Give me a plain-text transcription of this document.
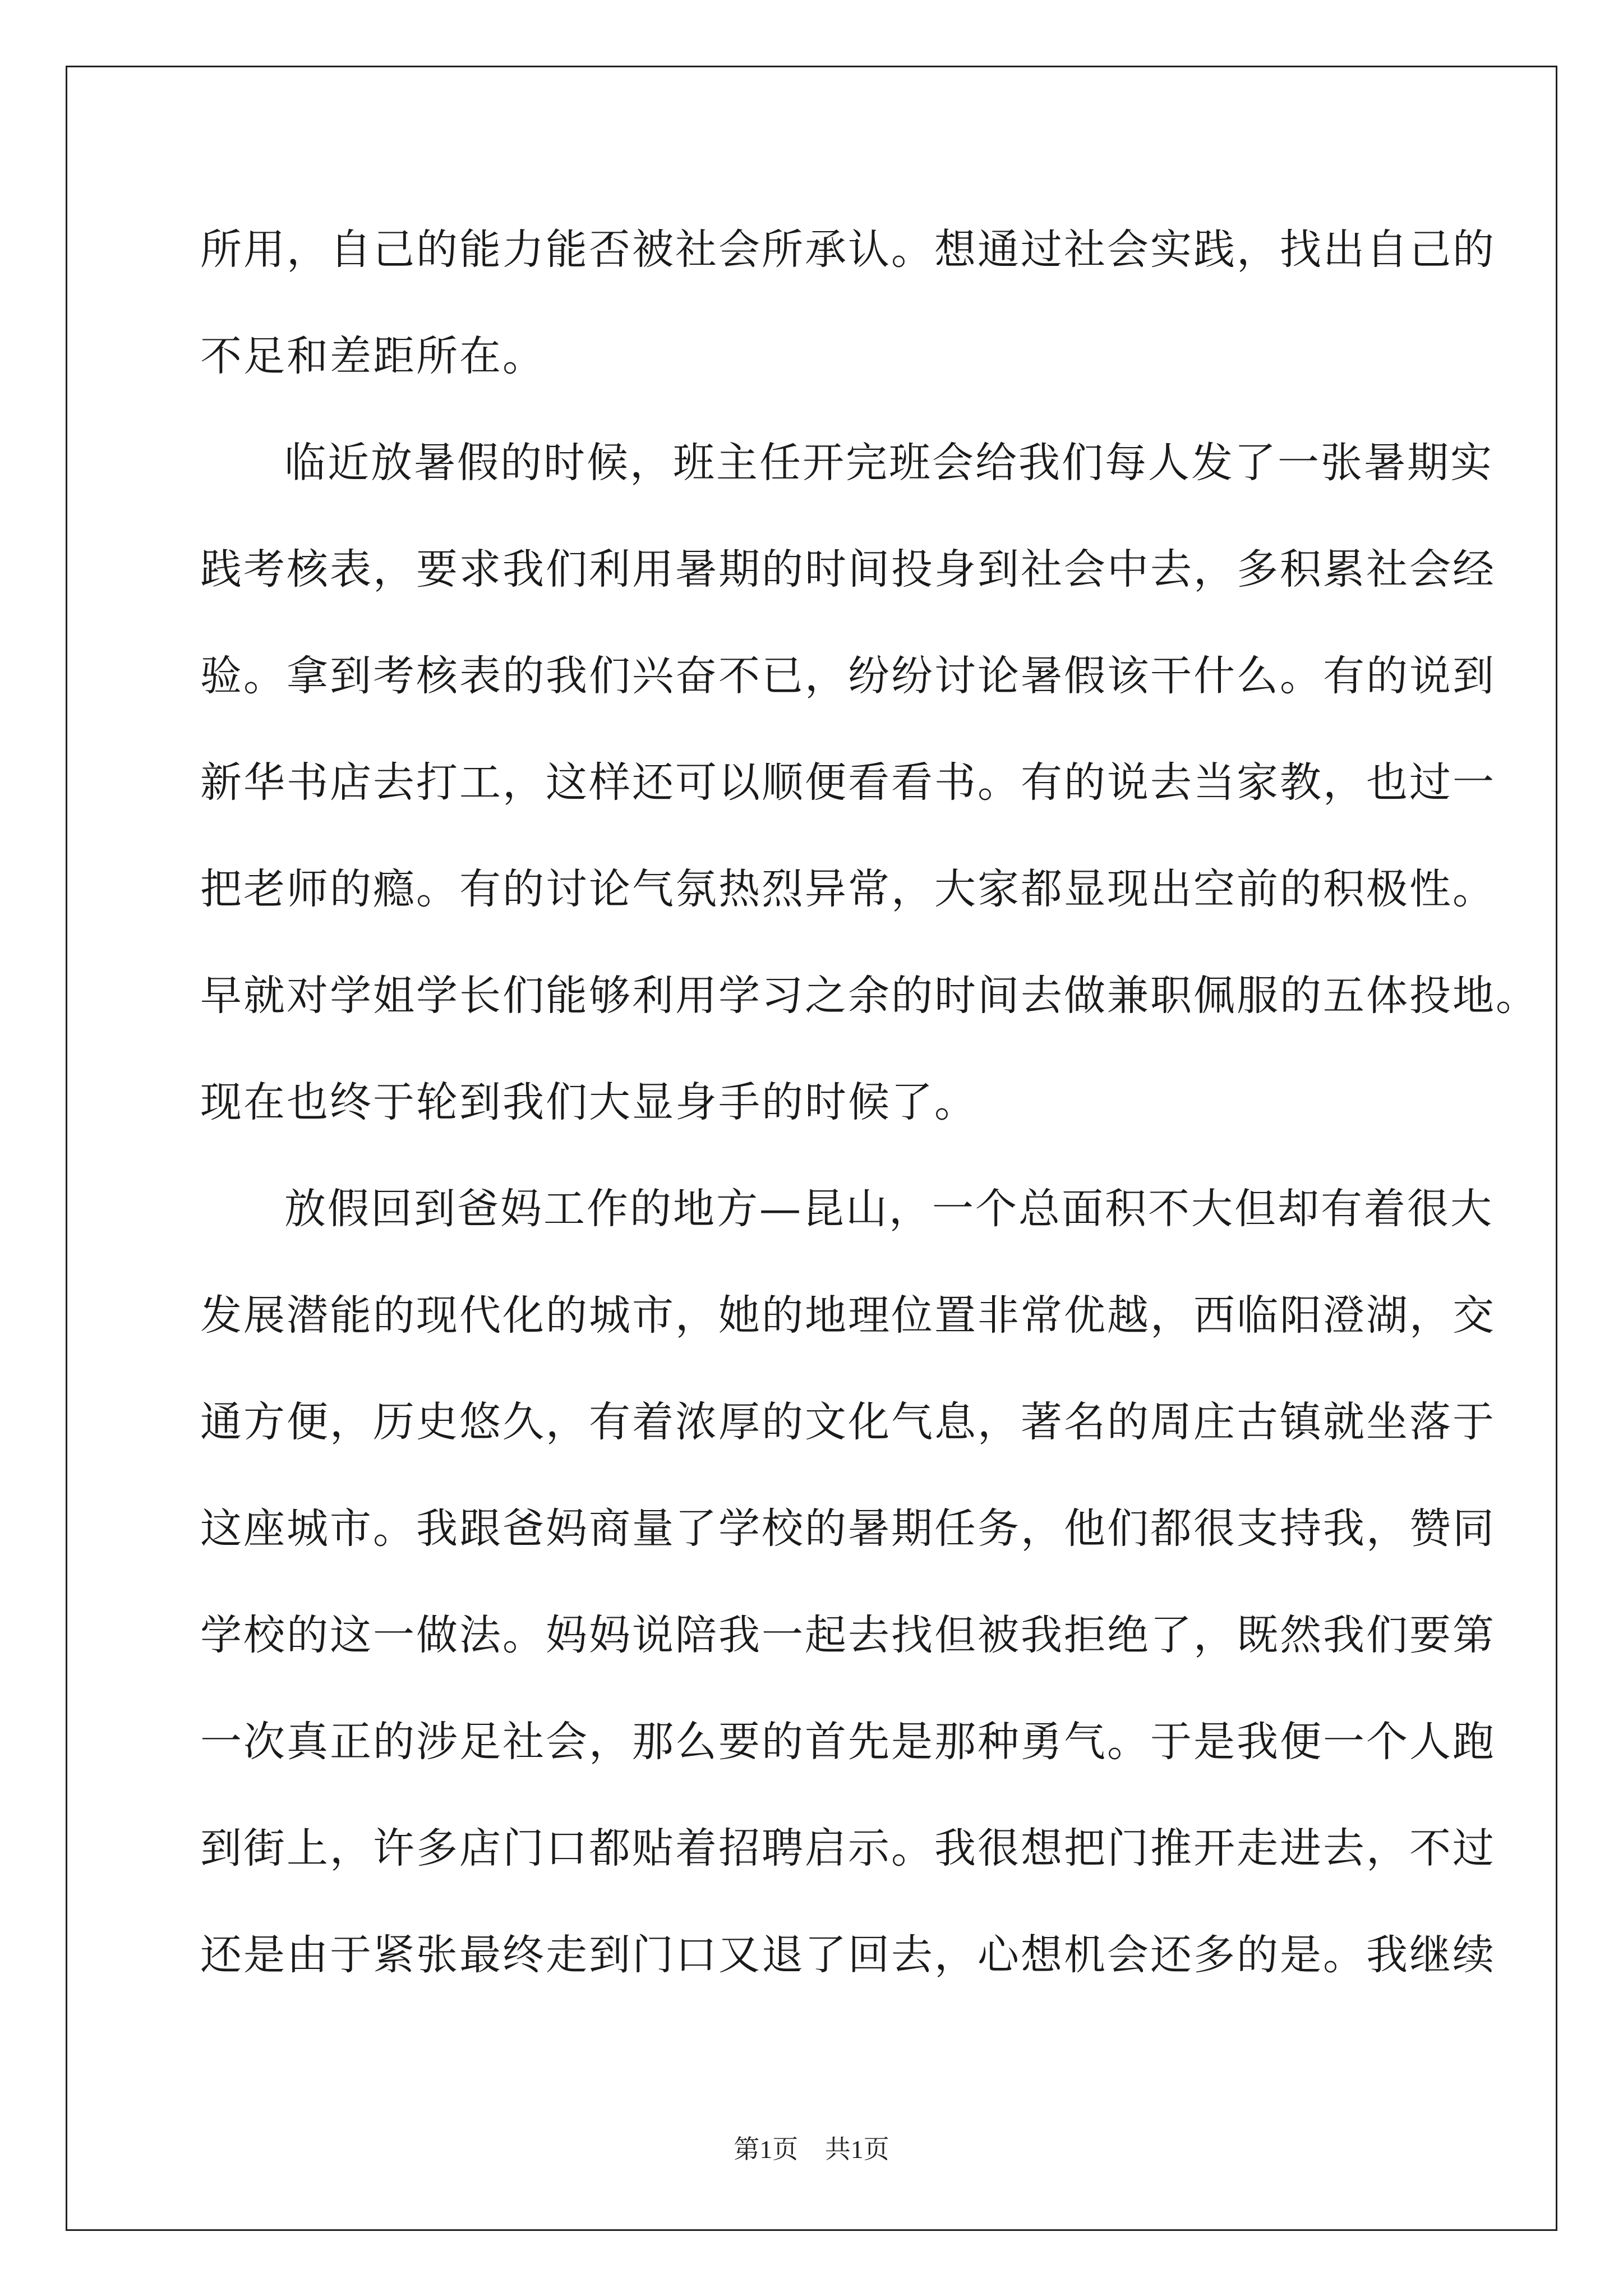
所用，自己的能力能否被社会所承认。想通过社会实践，找出自己的
不足和差距所在。
临近放暑假的时候，班主任开完班会给我们每人发了一张暑期实
践考核表，要求我们利用暑期的时间投身到社会中去，多积累社会经
验。拿到考核表的我们兴奋不已，纷纷讨论暑假该干什么。有的说到
新华书店去打工，这样还可以顺便看看书。有的说去当家教，也过一
把老师的瘾。有的讨论气氛热烈异常，大家都显现出空前的积极性。
早就对学姐学长们能够利用学习之余的时间去做兼职佩服的五体投地。
现在也终于轮到我们大显身手的时候了。
放假回到爸妈工作的地方—昆山，一个总面积不大但却有着很大
发展潜能的现代化的城市，她的地理位置非常优越，西临阳澄湖，交
通方便，历史悠久，有着浓厚的文化气息，著名的周庄古镇就坐落于
这座城市。我跟爸妈商量了学校的暑期任务，他们都很支持我，赞同
学校的这一做法。妈妈说陪我一起去找但被我拒绝了，既然我们要第
一次真正的涉足社会，那么要的首先是那种勇气。于是我便一个人跑
到街上，许多店门口都贴着招聘启示。我很想把门推开走进去，不过
还是由于紧张最终走到门口又退了回去，心想机会还多的是。我继续
第1页 共1页
